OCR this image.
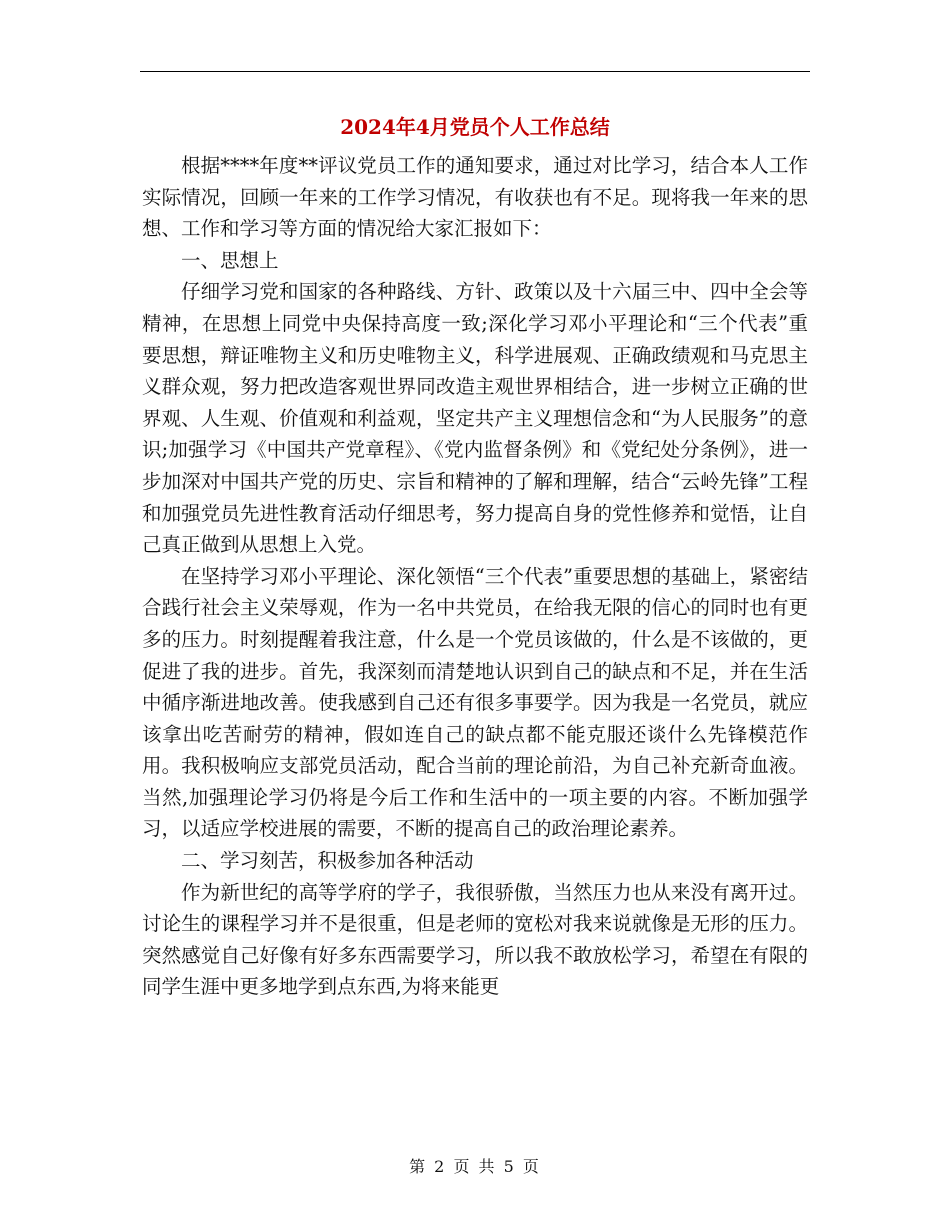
2024年4月党员个人工作总结

根据****年度**评议党员工作的通知要求，通过对比学习，结合本人工作实际情况，回顾一年来的工作学习情况，有收获也有不足。现将我一年来的思想、工作和学习等方面的情况给大家汇报如下：

一、思想上

仔细学习党和国家的各种路线、方针、政策以及十六届三中、四中全会等精神，在思想上同党中央保持高度一致;深化学习邓小平理论和“三个代表”重要思想，辩证唯物主义和历史唯物主义，科学进展观、正确政绩观和马克思主义群众观，努力把改造客观世界同改造主观世界相结合，进一步树立正确的世界观、人生观、价值观和利益观，坚定共产主义理想信念和“为人民服务”的意识;加强学习《中国共产党章程》、《党内监督条例》和《党纪处分条例》，进一步加深对中国共产党的历史、宗旨和精神的了解和理解，结合“云岭先锋”工程和加强党员先进性教育活动仔细思考，努力提高自身的党性修养和觉悟，让自己真正做到从思想上入党。

在坚持学习邓小平理论、深化领悟“三个代表”重要思想的基础上，紧密结合践行社会主义荣辱观，作为一名中共党员，在给我无限的信心的同时也有更多的压力。时刻提醒着我注意，什么是一个党员该做的，什么是不该做的，更促进了我的进步。首先，我深刻而清楚地认识到自己的缺点和不足，并在生活中循序渐进地改善。使我感到自己还有很多事要学。因为我是一名党员，就应该拿出吃苦耐劳的精神，假如连自己的缺点都不能克服还谈什么先锋模范作用。我积极响应支部党员活动，配合当前的理论前沿，为自己补充新奇血液。当然,加强理论学习仍将是今后工作和生活中的一项主要的内容。不断加强学习，以适应学校进展的需要，不断的提高自己的政治理论素养。

二、学习刻苦，积极参加各种活动

作为新世纪的高等学府的学子，我很骄傲，当然压力也从来没有离开过。讨论生的课程学习并不是很重，但是老师的宽松对我来说就像是无形的压力。突然感觉自己好像有好多东西需要学习，所以我不敢放松学习，希望在有限的同学生涯中更多地学到点东西,为将来能更

第 2 页 共 5 页
